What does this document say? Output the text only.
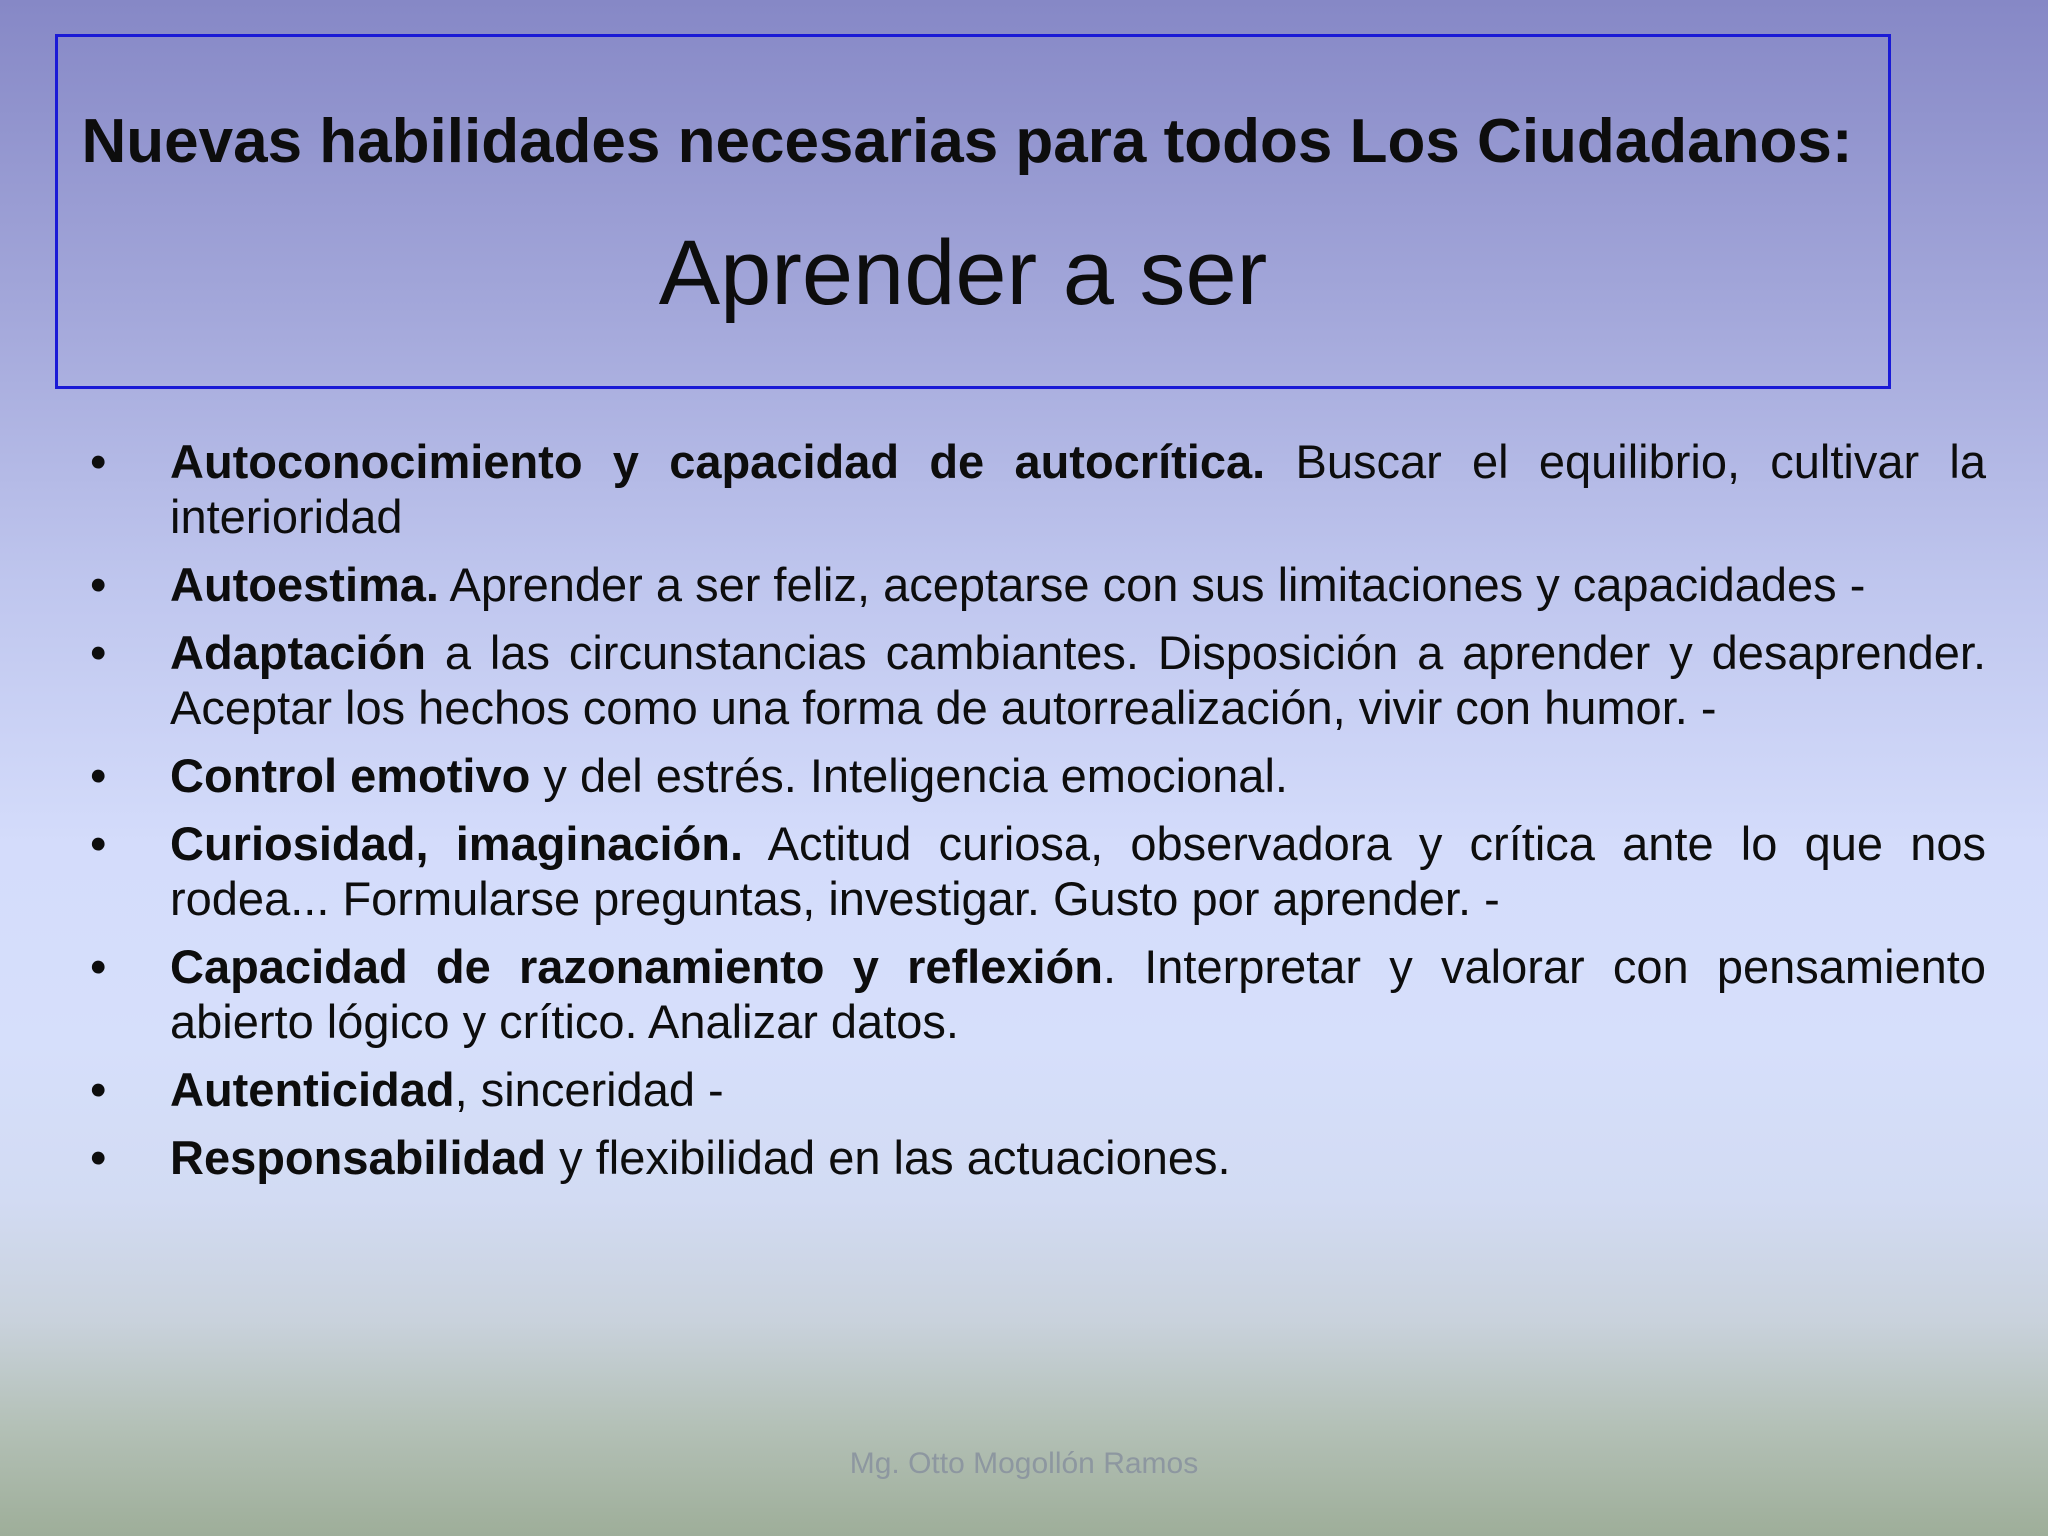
Nuevas habilidades necesarias para todos Los Ciudadanos:
Aprender a ser
• Autoconocimiento y capacidad de autocrítica. Buscar el equilibrio, cultivar la interioridad
• Autoestima. Aprender a ser feliz, aceptarse con sus limitaciones y capacidades -
• Adaptación a las circunstancias cambiantes. Disposición a aprender y desaprender. Aceptar los hechos como una forma de autorrealización, vivir con humor. -
• Control emotivo y del estrés. Inteligencia emocional.
• Curiosidad, imaginación. Actitud curiosa, observadora y crítica ante lo que nos rodea... Formularse preguntas, investigar. Gusto por aprender. -
• Capacidad de razonamiento y reflexión. Interpretar y valorar con pensamiento abierto lógico y crítico. Analizar datos.
• Autenticidad, sinceridad -
• Responsabilidad y flexibilidad en las actuaciones.
Mg. Otto Mogollón Ramos
